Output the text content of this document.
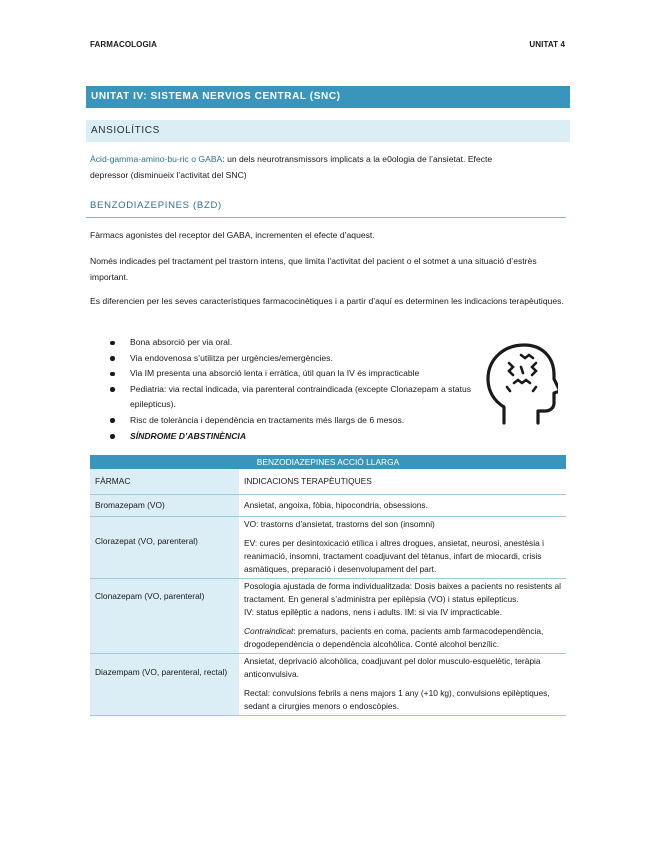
FARMACOLOGIA	UNITAT 4
UNITAT IV: SISTEMA NERVIOS CENTRAL (SNC)
ANSIOLÍTICS
Àcid-gamma-amino-bu-ric o GABA: un dels neurotransmissors implicats a la e0ologia de l’ansietat. Efecte
depressor (disminueix l’activitat del SNC)
BENZODIAZEPINES (BZD)
Fàrmacs agonistes del receptor del GABA, incrementen el efecte d’aquest.
Només indicades pel tractament pel trastorn intens, que limita l’activitat del pacient o el sotmet a una situació d’estrès important.
Es diferencien per les seves característiques farmacocinètiques i a partir d’aquí es determinen les indicacions terapèutiques.
Bona absorció per via oral.
Via endovenosa s’utilitza per urgències/emergències.
Via IM presenta una absorció lenta i erràtica, útil quan la IV és impracticable
Pediatria: via rectal indicada, via parenteral contraindicada (excepte Clonazepam a status epilepticus).
Risc de tolerància i dependència en tractaments més llargs de 6 mesos.
SÍNDROME D’ABSTINÈNCIA
BENZODIAZEPINES ACCIÓ LLARGA	
FÀRMAC	INDICACIONS TERAPÈUTIQUES
Bromazepam (VO)	Ansietat, angoixa, fòbia, hipocondria, obsessions.

Clorazepat (VO, parenteral)	VO: trastorns d’ansietat, trastorns del son (insomni)
EV: cures per desintoxicació etílica i altres drogues, ansietat, neurosi, anestèsia i reanimació, insomni, tractament coadjuvant del tètanus, infart de miocardi, crisis asmàtiques, preparació i desenvolupament del part.

Clonazepam (VO, parenteral)	Posologia ajustada de forma individualitzada: Dosis baixes a pacients no resistents al tractament. En general s’administra per epilèpsia (VO) i status epilepticus.
IV: status epilèptic a nadons, nens i adults. IM: si via IV impracticable.
Contraindicat: prematurs, pacients en coma, pacients amb farmacodependència, drogodependència o dependència alcohòlica. Conté alcohol benzílic.

Diazempam (VO, parenteral, rectal)	Ansietat, deprivació alcohòlica, coadjuvant pel dolor musculo-esquelètic, teràpia anticonvulsiva.
Rectal: convulsions febrils a nens majors 1 any (+10 kg), convulsions epilèptiques, sedant a cirurgies menors o endoscòpies.
